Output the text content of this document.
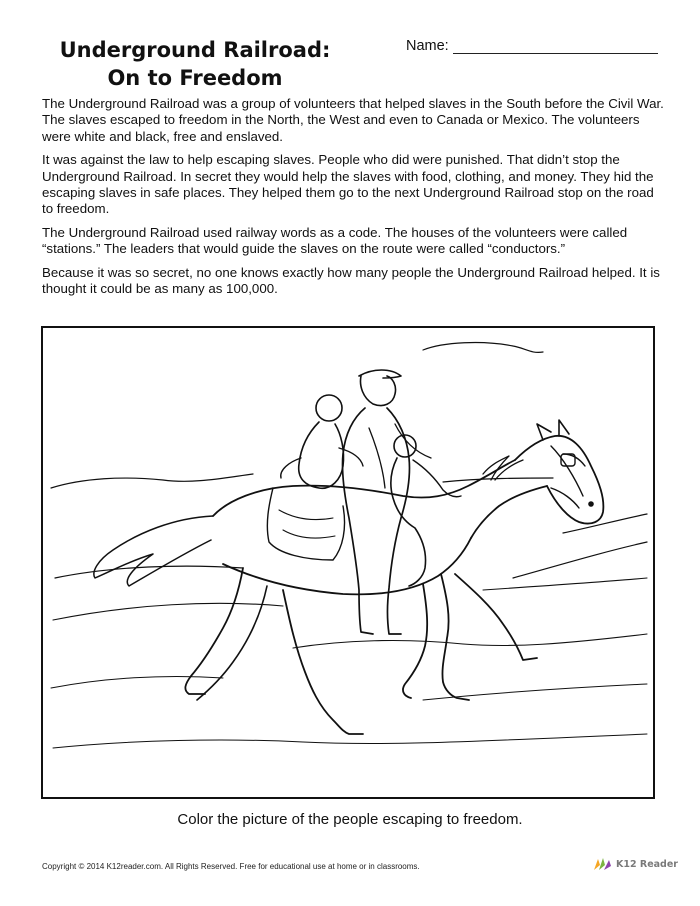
Underground Railroad:
On to Freedom
Name:

The Underground Railroad was a group of volunteers that helped slaves in the South before the Civil War. The slaves escaped to freedom in the North, the West and even to Canada or Mexico. The volunteers were white and black, free and enslaved.

It was against the law to help escaping slaves. People who did were punished. That didn’t stop the Underground Railroad. In secret they would help the slaves with food, clothing, and money. They hid the escaping slaves in safe places. They helped them go to the next Underground Railroad stop on the road to freedom.

The Underground Railroad used railway words as a code. The houses of the volunteers were called “stations.” The leaders that would guide the slaves on the route were called “conductors.”

Because it was so secret, no one knows exactly how many people the Underground Railroad helped. It is thought it could be as many as 100,000.

Color the picture of the people escaping to freedom.
Copyright © 2014 K12reader.com. All Rights Reserved. Free for educational use at home or in classrooms.	K12 Reader
